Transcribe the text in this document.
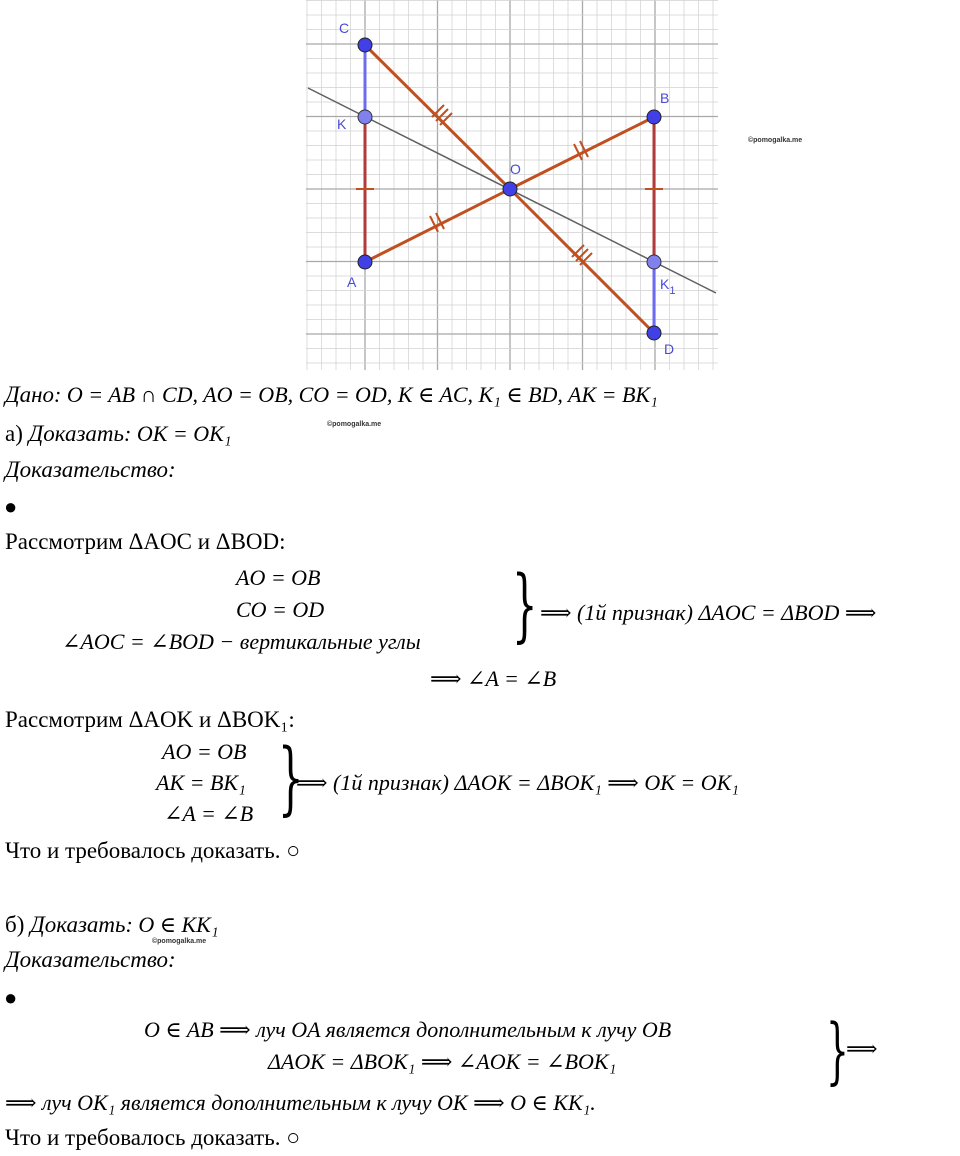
C
K
A
O
B
$K_1$
D
©pomogalka.me
Дано: O = AB ∩ CD, AO = OB, CO = OD, K ∈ AC, K₁ ∈ BD, AK = BK₁
а) Доказать: OK = OK₁	©pomogalka.me
Доказательство:
●
Рассмотрим ΔAOC и ΔBOD:
AO = OB
CO = OD
∠AOC = ∠BOD − вертикальные углы } ⟹ (1й признак) ΔAOC = ΔBOD ⟹
⟹ ∠A = ∠B
Рассмотрим ΔAOK и ΔBOK₁:
AO = OB
AK = BK₁
∠A = ∠B }
⟹ (1й признак) ΔAOK = ΔBOK₁ ⟹ OK = OK₁
Что и требовалось доказать. ○
б) Доказать: O ∈ KK₁
©pomogalka.me
Доказательство:
●
O ∈ AB ⟹ луч OA является дополнительным к лучу OB
ΔAOK = ΔBOK₁ ⟹ ∠AOK = ∠BOK₁	}
⟹
⟹ луч OK₁ является дополнительным к лучу OK ⟹ O ∈ KK₁.
Что и требовалось доказать. ○
